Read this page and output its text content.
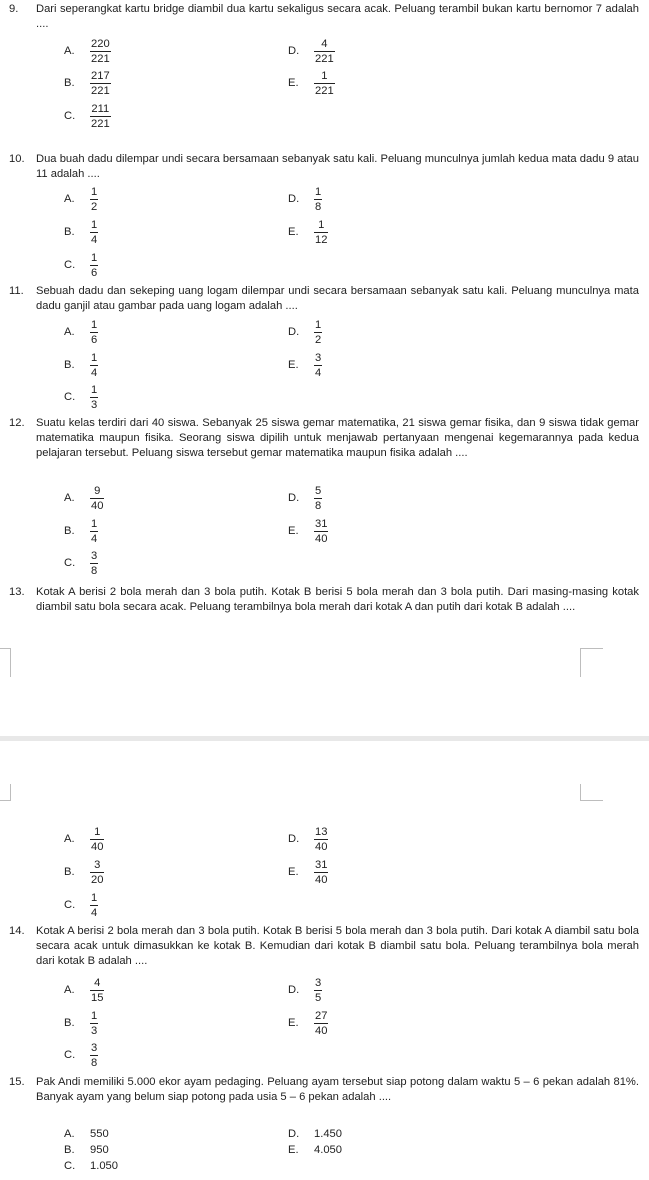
9.	Dari seperangkat kartu bridge diambil dua kartu sekaligus secara acak. Peluang terambil bukan kartu bernomor 7 adalah ....
A.	$\frac{220}{221}$
B.	$\frac{217}{221}$
C.	$\frac{211}{221}$
D.	$\frac{4}{221}$
E.	$\frac{1}{221}$
10.	Dua buah dadu dilempar undi secara bersamaan sebanyak satu kali. Peluang munculnya jumlah kedua mata dadu 9 atau 11 adalah ....
A.	$\frac{1}{2}$
B.	$\frac{1}{4}$
C.	$\frac{1}{6}$
D.	$\frac{1}{8}$
E.	$\frac{1}{12}$
11.	Sebuah dadu dan sekeping uang logam dilempar undi secara bersamaan sebanyak satu kali. Peluang munculnya mata dadu ganjil atau gambar pada uang logam adalah ....
A.	$\frac{1}{6}$
B.	$\frac{1}{4}$
C.	$\frac{1}{3}$
D.	$\frac{1}{2}$
E.	$\frac{3}{4}$
12.	Suatu kelas terdiri dari 40 siswa. Sebanyak 25 siswa gemar matematika, 21 siswa gemar fisika, dan 9 siswa tidak gemar matematika maupun fisika. Seorang siswa dipilih untuk menjawab pertanyaan mengenai kegemarannya pada kedua pelajaran tersebut. Peluang siswa tersebut gemar matematika maupun fisika adalah ....
A.	$\frac{9}{40}$
B.	$\frac{1}{4}$
C.	$\frac{3}{8}$
D.	$\frac{5}{8}$
E.	$\frac{31}{40}$
13.	Kotak A berisi 2 bola merah dan 3 bola putih. Kotak B berisi 5 bola merah dan 3 bola putih. Dari masing-masing kotak diambil satu bola secara acak. Peluang terambilnya bola merah dari kotak A dan putih dari kotak B adalah ....
A.	$\frac{1}{40}$
B.	$\frac{3}{20}$
C.	$\frac{1}{4}$
D.	$\frac{13}{40}$
E.	$\frac{31}{40}$
14.	Kotak A berisi 2 bola merah dan 3 bola putih. Kotak B berisi 5 bola merah dan 3 bola putih. Dari kotak A diambil satu bola secara acak untuk dimasukkan ke kotak B. Kemudian dari kotak B diambil satu bola. Peluang terambilnya bola merah dari kotak B adalah ....
A.	$\frac{4}{15}$
B.	$\frac{1}{3}$
C.	$\frac{3}{8}$
D.	$\frac{3}{5}$
E.	$\frac{27}{40}$
15.	Pak Andi memiliki 5.000 ekor ayam pedaging. Peluang ayam tersebut siap potong dalam waktu 5 – 6 pekan adalah 81%. Banyak ayam yang belum siap potong pada usia 5 – 6 pekan adalah ....
A.	550
B.	950
C.	1.050
D.	1.450
E.	4.050
